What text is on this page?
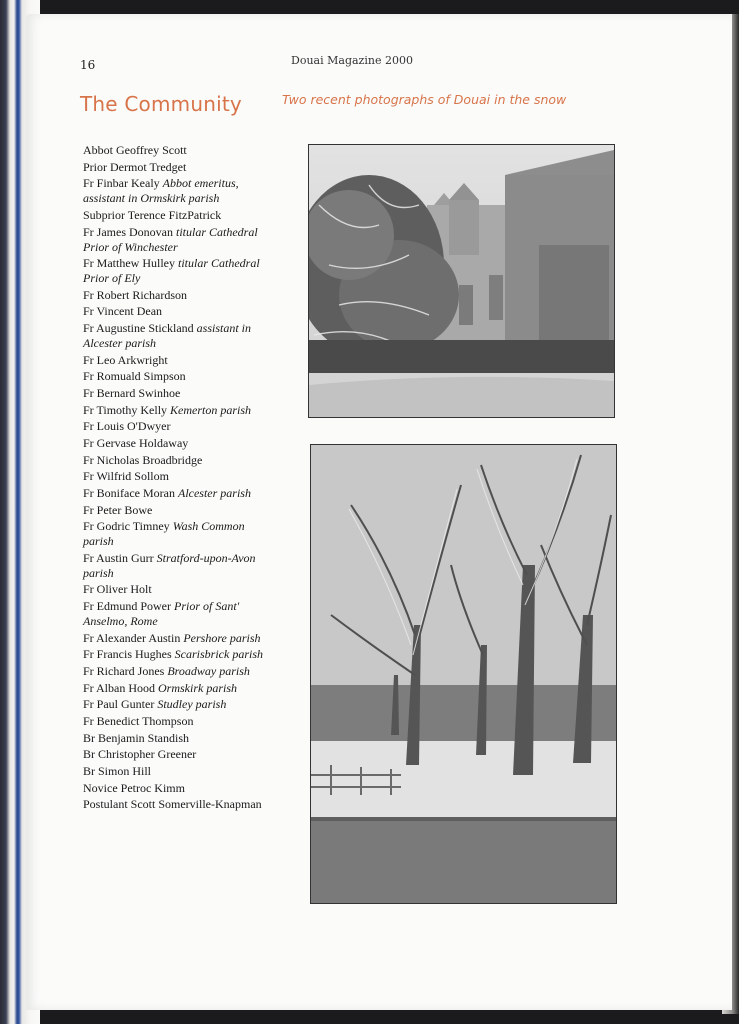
16	Douai Magazine 2000
The Community	Two recent photographs of Douai in the snow
Abbot Geoffrey Scott
Prior Dermot Tredget
Fr Finbar Kealy Abbot emeritus, assistant in Ormskirk parish
Subprior Terence FitzPatrick
Fr James Donovan titular Cathedral Prior of Winchester
Fr Matthew Hulley titular Cathedral Prior of Ely
Fr Robert Richardson
Fr Vincent Dean
Fr Augustine Stickland assistant in Alcester parish
Fr Leo Arkwright
Fr Romuald Simpson
Fr Bernard Swinhoe
Fr Timothy Kelly Kemerton parish
Fr Louis O'Dwyer
Fr Gervase Holdaway
Fr Nicholas Broadbridge
Fr Wilfrid Sollom
Fr Boniface Moran Alcester parish
Fr Peter Bowe
Fr Godric Timney Wash Common parish
Fr Austin Gurr Stratford-upon-Avon parish
Fr Oliver Holt
Fr Edmund Power Prior of Sant' Anselmo, Rome
Fr Alexander Austin Pershore parish
Fr Francis Hughes Scarisbrick parish
Fr Richard Jones Broadway parish
Fr Alban Hood Ormskirk parish
Fr Paul Gunter Studley parish
Fr Benedict Thompson
Br Benjamin Standish
Br Christopher Greener
Br Simon Hill
Novice Petroc Kimm
Postulant Scott Somerville-Knapman
